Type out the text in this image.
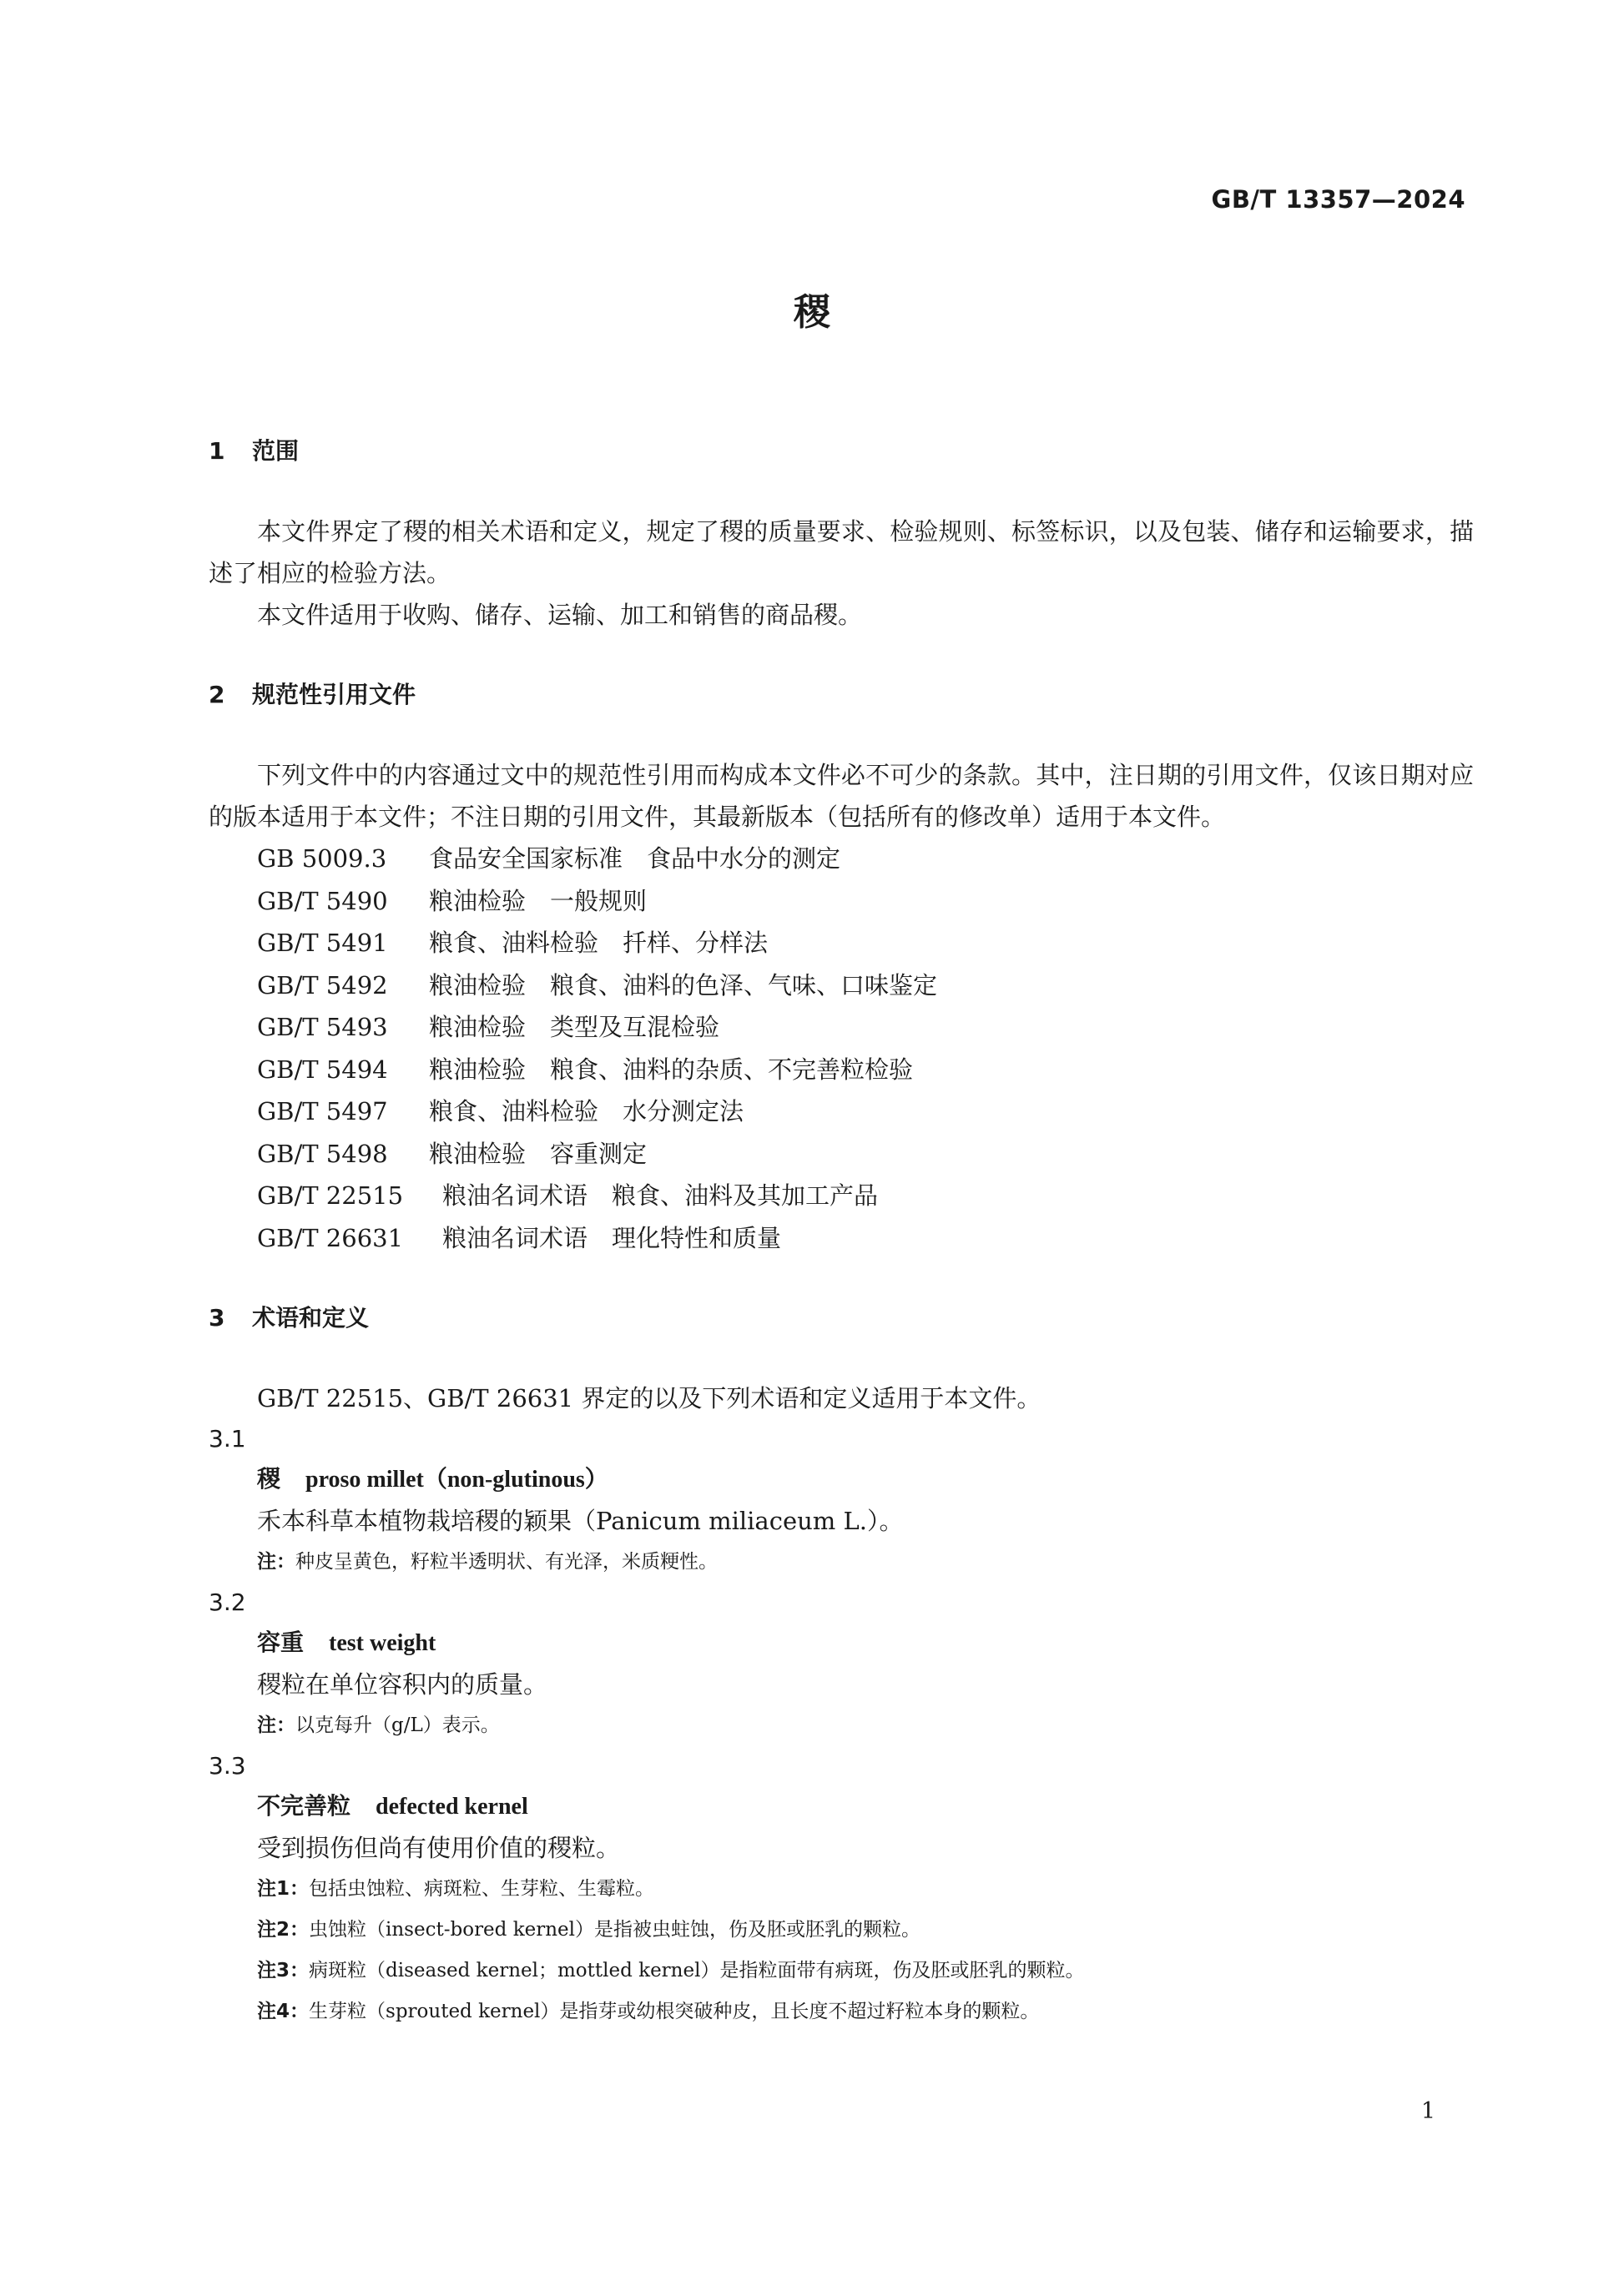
GB/T 13357—2024
稷
1 范围

本文件界定了稷的相关术语和定义，规定了稷的质量要求、检验规则、标签标识，以及包装、储存和运输要求，描述了相应的检验方法。

本文件适用于收购、储存、运输、加工和销售的商品稷。

2 规范性引用文件

下列文件中的内容通过文中的规范性引用而构成本文件必不可少的条款。其中，注日期的引用文件，仅该日期对应的版本适用于本文件；不注日期的引用文件，其最新版本（包括所有的修改单）适用于本文件。

GB 5009.3 食品安全国家标准　食品中水分的测定
GB/T 5490 粮油检验　一般规则
GB/T 5491 粮食、油料检验　扦样、分样法
GB/T 5492 粮油检验　粮食、油料的色泽、气味、口味鉴定
GB/T 5493 粮油检验　类型及互混检验
GB/T 5494 粮油检验　粮食、油料的杂质、不完善粒检验
GB/T 5497 粮食、油料检验　水分测定法
GB/T 5498 粮油检验　容重测定
GB/T 22515 粮油名词术语　粮食、油料及其加工产品
GB/T 26631 粮油名词术语　理化特性和质量
3 术语和定义

GB/T 22515、GB/T 26631 界定的以及下列术语和定义适用于本文件。

3.1
稷 proso millet（non-glutinous）
禾本科草本植物栽培稷的颖果（Panicum miliaceum L.）。
注：种皮呈黄色，籽粒半透明状、有光泽，米质粳性。
3.2
容重 test weight
稷粒在单位容积内的质量。
注：以克每升（g/L）表示。
3.3
不完善粒 defected kernel
受到损伤但尚有使用价值的稷粒。
注1：包括虫蚀粒、病斑粒、生芽粒、生霉粒。
注2：虫蚀粒（insect-bored kernel）是指被虫蛀蚀，伤及胚或胚乳的颗粒。
注3：病斑粒（diseased kernel；mottled kernel）是指粒面带有病斑，伤及胚或胚乳的颗粒。
注4：生芽粒（sprouted kernel）是指芽或幼根突破种皮，且长度不超过籽粒本身的颗粒。
1
